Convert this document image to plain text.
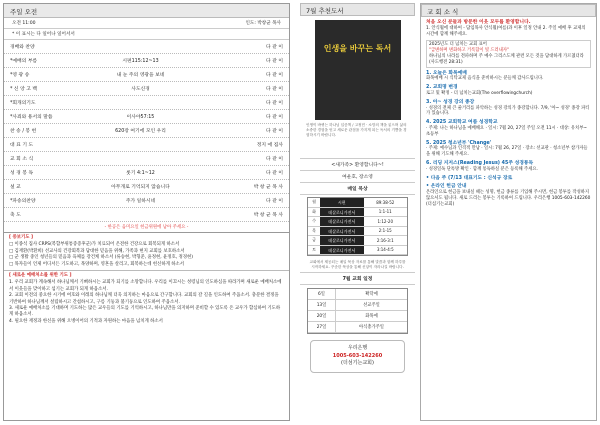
주일 오전
오전 11:00	인도: 박창균 목사
* 이 표시는 다 일어나 일어서서
경배와 찬양	다 같 이
*예배의 부름	시편115:12~13	다 같 이
*영 광 송	내 눈 주의 영광을 보네	다 같 이
* 신 앙 고 백	사도신경	다 같 이
*회개의기도	다 같 이
*사죄와 용서의 말씀	이사야57:15	다 같 이
찬 송 / 봉 헌	620장 여기에 모인 우리	다 같 이
대 표 기 도	정지 애 집사
교 회 소 식	다 같 이
성 경 봉 독	룻기 4:1~12	다 같 이
설 교	아무개로 기억되지 않습니다	박 창 균 목 사
*파송의찬양	주가 일하시네	다 같 이
축 도	박 창 균 목 사
- 한공은 음미요일 헌금위원에 남아 주세요 -
[ 중보기도 ]
□ 이종석 집사 CRPS(복합부위통증증후군)가 치료되어 온전한 건강으로 회복되게 하소서
□ 김재환(박환희) 선교사의 건강회복과 담대한 믿음을 위해, 가족과 현지 교회를 보호하소서
□ 군 생활 중인 청년들의 믿음과 육체를 강건케 하소서 (류승현, 박형준, 윤정현, 윤정호, 정경현)
□ 목자들이 언제 어디서든 기도하고, 목양하며, 영혼을 살리고, 회복하는데 헌신하게 하소서
[ 새로운 예배처소를 위한 기도 ]
1. 우리 교회가 계속해서 하나님께서 기뻐하시는 교회가 되기를 소망합니다. 우리를 이끄시는 성령님의 인도하심을 따라가며 새로운 예배처소에서 이웃들을 맞이하고 섬기는 교회가 되게 하옵소서.
2. 교회 이전의 중요한 시기에 여호와 이레의 하나님께 더욱 의지하는 마음으로 간구합니다. 교회의 갈 길을 인도하여 주옵소서. 충분한 결정을 기반하여 하나님께서 설립하시고 간섭하시고, 구름 기둥과 불기둥으로 인도하여 주옵소서.
3. 새로운 예배처소를 기대하며 기도하는 많은 교우들의 기도를 기억하시고, 하나님만을 의지하며 준비할 수 있도록 온 교우가 합심하여 기도하게 하옵소서.
4. 필요한 재정과 한신을 위해 오병이어의 기적과 자원하는 마음을 넘치게 하소서
7월 추천도서
인생을 바꾸는 독서
인생이 바뀌는 하나님 입증책 / 고정민 · 소망의 책을 읽으며 삶의 소중한 경험을 얻고 새로운 관점을 가지게 되는 독서의 기쁨을 경험하시기 바랍니다.
<새가족> 환영합니다~!
여운호, 장소영
매일 묵상
월	시편	89:38-52
화	데살로니가전서	1:1-11
수	데살로니가전서	1:12-20
목	데살로니가전서	2:1-15
금	데살로니가전서	2:16-3:1
토	데살로니가전서	3:14-4:5
교회에서 제공되는 매일 묵상 자료를 통해 말씀과 함께 하루를 시작하세요. 꾸준한 묵상을 통해 신앙이 자라나길 바랍니다.
7월 교회 일정
6일	확학예
13일	선교주일
20일	화목예
27일	아식총가주일
우리은행
1005-603-142260
(더섬기는교회)
교 회 소 식
처음 오신 분들과 방문한 이웃 모두를 환영합니다.
1. 안식월에 대하여 - 담임목사 안식월(여름)과 이후 일정 안내 2. 주일 예배 후 교제의 시간에 함께 해주세요.
2025년도 더 넘치는 교회 표어
"급변하며 변화하고 거룩함이 빛 드러내자"
하나님의 나라를 전파하며 주 예수 그리스도께 관련 모든 것을 담대하게 가르쳤더라 (사도행전 28:31)
1. 오늘은 화목예배
화목예배 시 식탁교제 음식을 준비하시는 분들께 감사드립니다.
2. 교회명 변경
로고 및 확정 - 더 넘치는교회(The overflowingchurch)
3. 아~ 성경 강의 종강
· 성경의 전체 큰 줄거리를 파악하는 성경 강의가 종강합니다. 7/9, '아~ 성경' 종강 파티가 있습니다.
4. 2025 교회학교 여름 성경학교
· 주제: 나는 하나님을 예배해요 · 일시: 7월 20, 27일 주일 오전 11시 · 대상: 유치부~초등부
5. 2025 청소년부 'Change'
· 주제: 예수님과 인격적 만남 · 일시: 7월 26, 27일 · 장소: 선교관 · 청소년부 참가자들을 위해 기도해 주세요.
6. 리딩 지저스(Reading Jesus) 45주 성경통독
· 성경일독 단톡방 확인 · 함께 통독하실 분은 등록해 주세요.
• 다음 주 (7/13 대표기도 : 신석규 장로
• 온라인 헌금 안내
온라인으로 헌금을 보내실 때는 성명, 헌금 종류를 기입해 주시면, 헌금 봉투를 작성하지 않으셔도 됩니다. 새로 드리는 봉투는 기록하여 드립니다. 우리은행 1005-603-142260 (더섬기는교회)
